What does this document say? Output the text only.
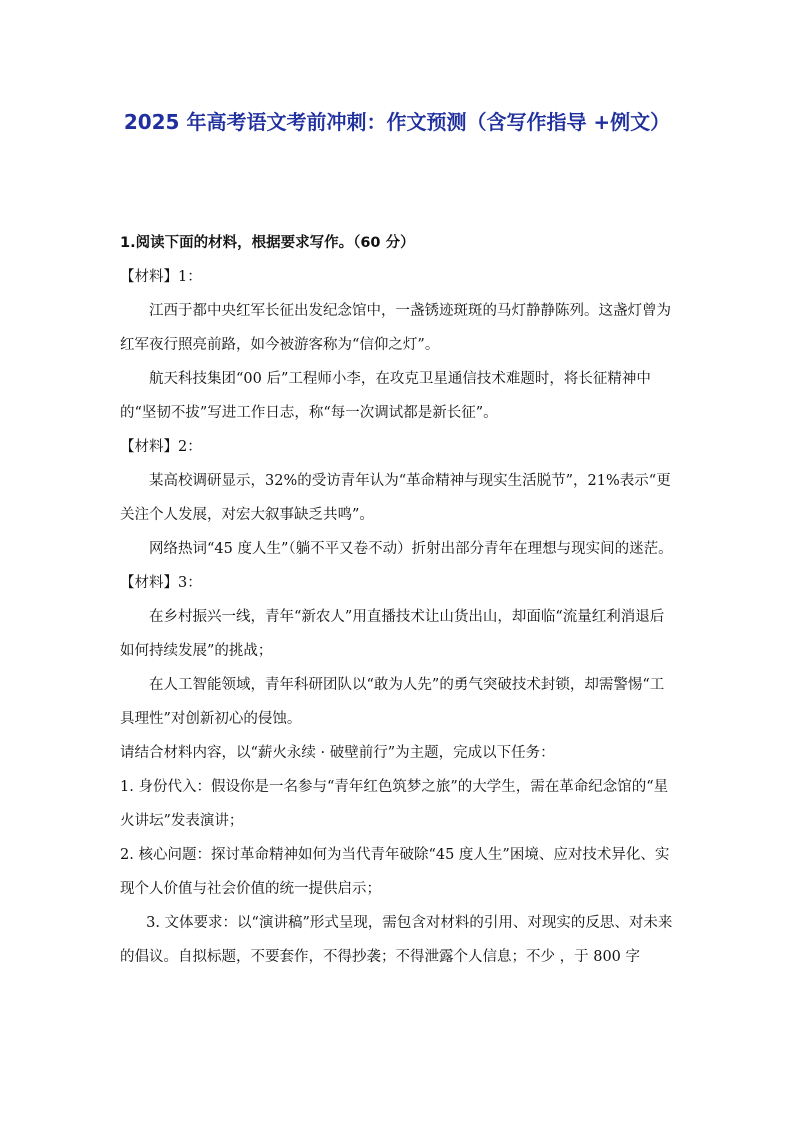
2025 年高考语文考前冲刺：作文预测（含写作指导 +例文）

1.阅读下面的材料，根据要求写作。（60 分）

【材料】1：

江西于都中央红军长征出发纪念馆中，一盏锈迹斑斑的马灯静静陈列。这盏灯曾为红军夜行照亮前路，如今被游客称为“信仰之灯”。

航天科技集团“00 后”工程师小李，在攻克卫星通信技术难题时，将长征精神中的“坚韧不拔”写进工作日志，称“每一次调试都是新长征”。

【材料】2：

某高校调研显示，32%的受访青年认为“革命精神与现实生活脱节”，21%表示“更关注个人发展，对宏大叙事缺乏共鸣”。

网络热词“45 度人生”（躺不平又卷不动）折射出部分青年在理想与现实间的迷茫。

【材料】3：

在乡村振兴一线，青年“新农人”用直播技术让山货出山，却面临“流量红利消退后如何持续发展”的挑战；

在人工智能领域，青年科研团队以“敢为人先”的勇气突破技术封锁，却需警惕“工具理性”对创新初心的侵蚀。

请结合材料内容，以“薪火永续 · 破壁前行”为主题，完成以下任务：

1. 身份代入：假设你是一名参与“青年红色筑梦之旅”的大学生，需在革命纪念馆的“星火讲坛”发表演讲；

2. 核心问题：探讨革命精神如何为当代青年破除“45 度人生”困境、应对技术异化、实现个人价值与社会价值的统一提供启示；

3. 文体要求：以“演讲稿”形式呈现，需包含对材料的引用、对现实的反思、对未来的倡议。自拟标题，不要套作，不得抄袭；不得泄露个人信息；不少 ，于 800 字
